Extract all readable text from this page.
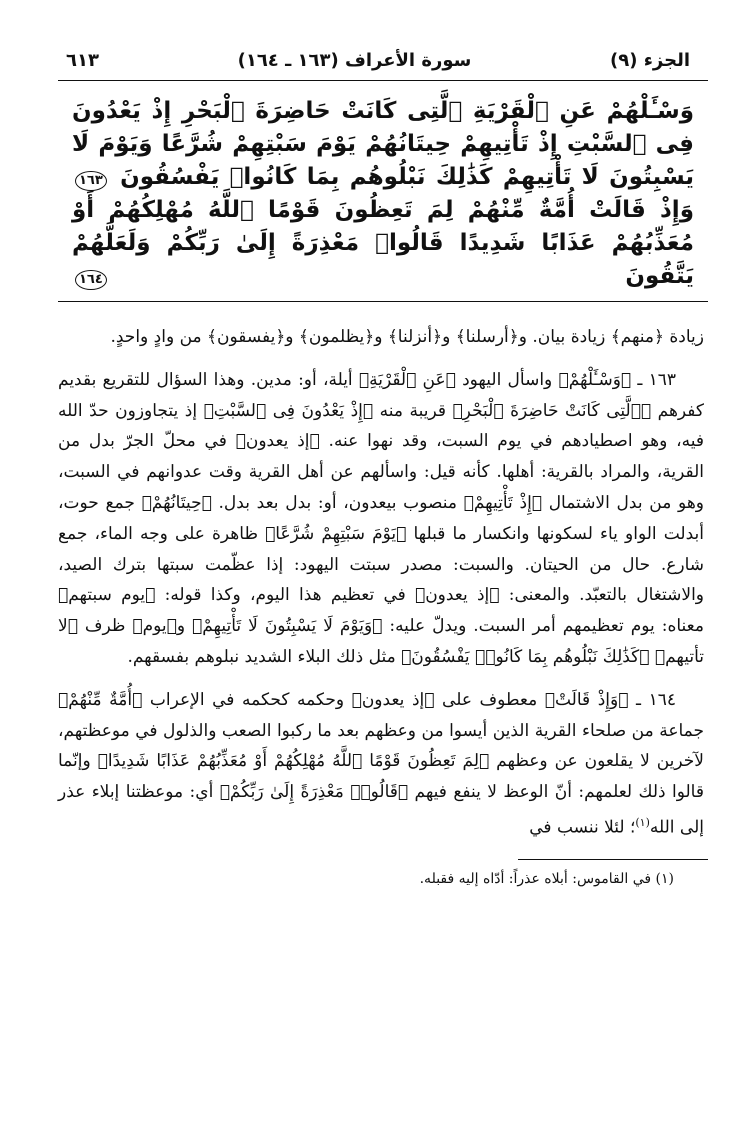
الجزء (٩)
سورة الأعراف (١٦٣ ـ ١٦٤)
٦١٣
وَسْـَٔلْهُمْ عَنِ ٱلْقَرْيَةِ ٱلَّتِى كَانَتْ حَاضِرَةَ ٱلْبَحْرِ إِذْ يَعْدُونَ فِى ٱلسَّبْتِ إِذْ تَأْتِيهِمْ حِيتَانُهُمْ يَوْمَ سَبْتِهِمْ شُرَّعًا وَيَوْمَ لَا يَسْبِتُونَ لَا تَأْتِيهِمْ كَذَٰلِكَ نَبْلُوهُم بِمَا كَانُوا۟ يَفْسُقُونَ ١٦٣ وَإِذْ قَالَتْ أُمَّةٌ مِّنْهُمْ لِمَ تَعِظُونَ قَوْمًا ٱللَّهُ مُهْلِكُهُمْ أَوْ مُعَذِّبُهُمْ عَذَابًا شَدِيدًا قَالُوا۟ مَعْذِرَةً إِلَىٰ رَبِّكُمْ وَلَعَلَّهُمْ يَتَّقُونَ ١٦٤

زيادة ﴿منهم﴾ زيادة بيان. و﴿أرسلنا﴾ و﴿أنزلنا﴾ و﴿يظلمون﴾ و﴿يفسقون﴾ من وادٍ واحدٍ.

١٦٣ ـ ﴿وَسْـَٔلْهُمْ﴾ واسأل اليهود ﴿عَنِ ٱلْقَرْيَةِ﴾ أيلة، أو: مدين. وهذا السؤال للتقريع بقديم كفرهم ﴿ٱلَّتِى كَانَتْ حَاضِرَةَ ٱلْبَحْرِ﴾ قريبة منه ﴿إِذْ يَعْدُونَ فِى ٱلسَّبْتِ﴾ إذ يتجاوزون حدّ الله فيه، وهو اصطيادهم في يوم السبت، وقد نهوا عنه. ﴿إذ يعدون﴾ في محلّ الجرّ بدل من القرية، والمراد بالقرية: أهلها. كأنه قيل: واسألهم عن أهل القرية وقت عدوانهم في السبت، وهو من بدل الاشتمال ﴿إِذْ تَأْتِيهِمْ﴾ منصوب بيعدون، أو: بدل بعد بدل. ﴿حِيتَانُهُمْ﴾ جمع حوت، أبدلت الواو ياء لسكونها وانكسار ما قبلها ﴿يَوْمَ سَبْتِهِمْ شُرَّعًا﴾ ظاهرة على وجه الماء، جمع شارع. حال من الحيتان. والسبت: مصدر سبتت اليهود: إذا عظّمت سبتها بترك الصيد، والاشتغال بالتعبّد. والمعنى: ﴿إذ يعدون﴾ في تعظيم هذا اليوم، وكذا قوله: ﴿يوم سبتهم﴾ معناه: يوم تعظيمهم أمر السبت. ويدلّ عليه: ﴿وَيَوْمَ لَا يَسْبِتُونَ لَا تَأْتِيهِمْ﴾ و﴿يوم﴾ ظرف ﴿لا تأتيهم﴾ ﴿كَذَٰلِكَ نَبْلُوهُم بِمَا كَانُوا۟ يَفْسُقُونَ﴾ مثل ذلك البلاء الشديد نبلوهم بفسقهم.

١٦٤ ـ ﴿وَإِذْ قَالَتْ﴾ معطوف على ﴿إذ يعدون﴾ وحكمه كحكمه في الإعراب ﴿أُمَّةٌ مِّنْهُمْ﴾ جماعة من صلحاء القرية الذين أيسوا من وعظهم بعد ما ركبوا الصعب والذلول في موعظتهم، لآخرين لا يقلعون عن وعظهم ﴿لِمَ تَعِظُونَ قَوْمًا ٱللَّهُ مُهْلِكُهُمْ أَوْ مُعَذِّبُهُمْ عَذَابًا شَدِيدًا﴾ وإنّما قالوا ذلك لعلمهم: أنّ الوعظ لا ينفع فيهم ﴿قَالُوا۟ مَعْذِرَةً إِلَىٰ رَبِّكُمْ﴾ أي: موعظتنا إبلاء عذر إلى الله$^{(١)}$؛ لئلا ننسب في

(١) في القاموس: أبلاه عذراً: أدّاه إليه فقبله.
